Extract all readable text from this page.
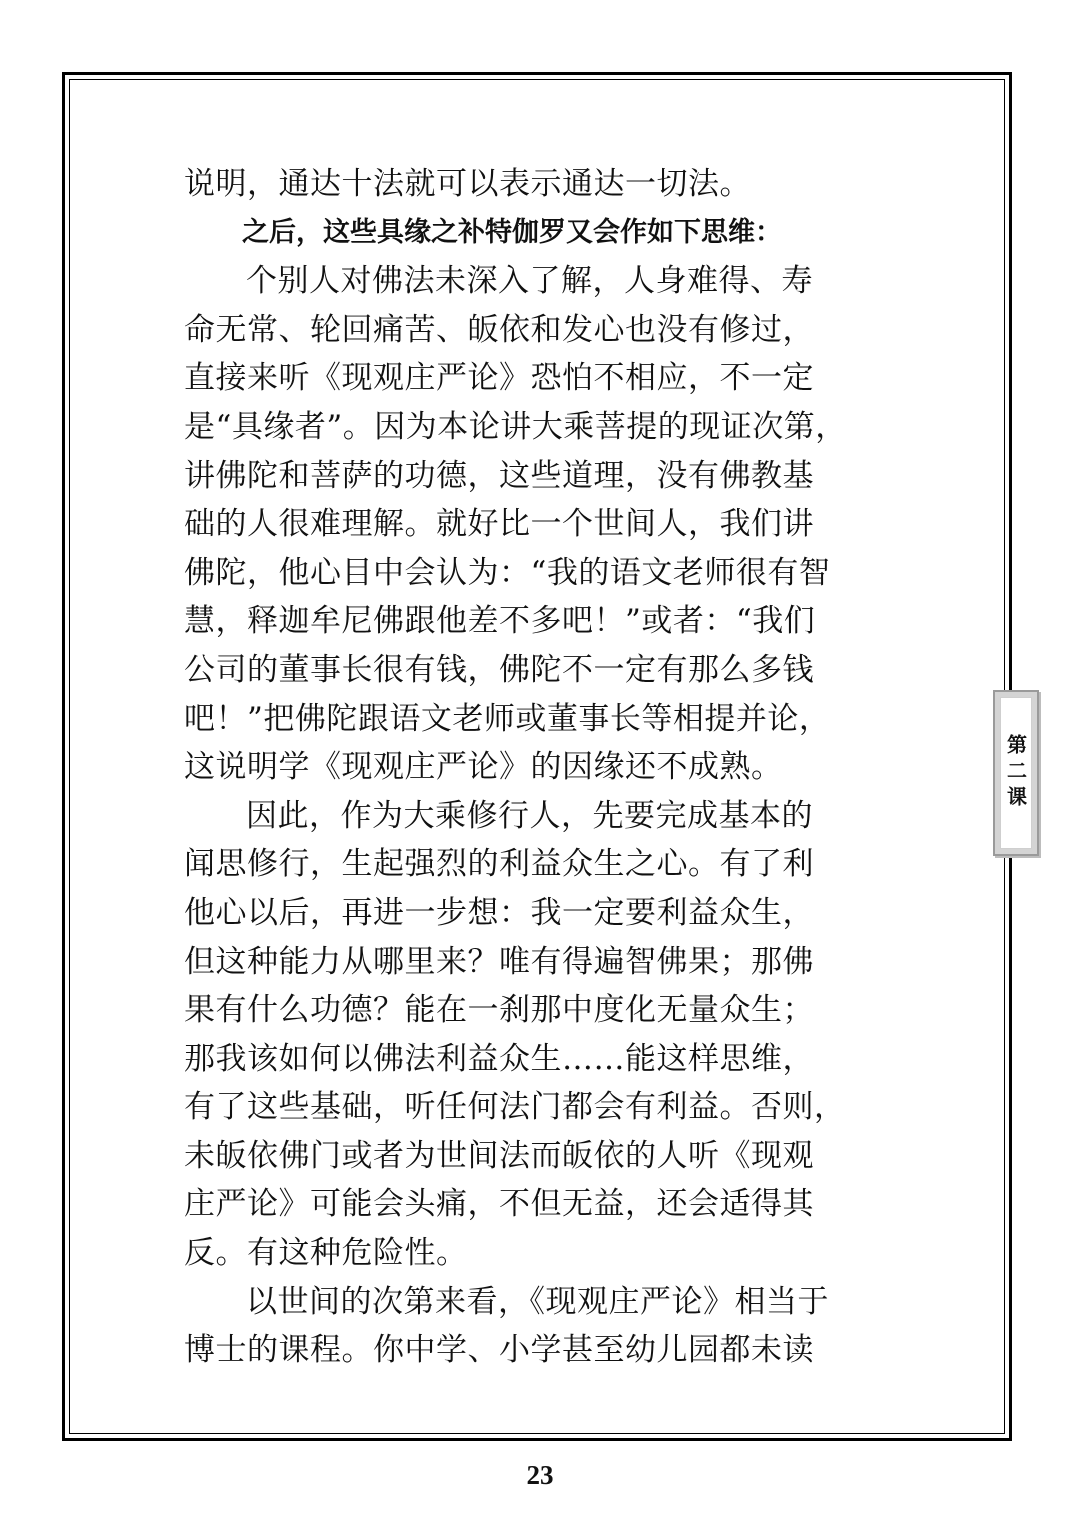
说明，通达十法就可以表示通达一切法。
之后，这些具缘之补特伽罗又会作如下思维：
个别人对佛法未深入了解，人身难得、寿
命无常、轮回痛苦、皈依和发心也没有修过，
直接来听《现观庄严论》恐怕不相应，不一定
是“具缘者”。因为本论讲大乘菩提的现证次第，
讲佛陀和菩萨的功德，这些道理，没有佛教基
础的人很难理解。就好比一个世间人，我们讲
佛陀，他心目中会认为：“我的语文老师很有智
慧，释迦牟尼佛跟他差不多吧！”或者：“我们
公司的董事长很有钱，佛陀不一定有那么多钱
吧！”把佛陀跟语文老师或董事长等相提并论，
这说明学《现观庄严论》的因缘还不成熟。
因此，作为大乘修行人，先要完成基本的
闻思修行，生起强烈的利益众生之心。有了利
他心以后，再进一步想：我一定要利益众生，
但这种能力从哪里来？唯有得遍智佛果；那佛
果有什么功德？能在一刹那中度化无量众生；
那我该如何以佛法利益众生……能这样思维，
有了这些基础，听任何法门都会有利益。否则，
未皈依佛门或者为世间法而皈依的人听《现观
庄严论》可能会头痛，不但无益，还会适得其
反。有这种危险性。
以世间的次第来看，《现观庄严论》相当于
博士的课程。你中学、小学甚至幼儿园都未读
第二课
23
